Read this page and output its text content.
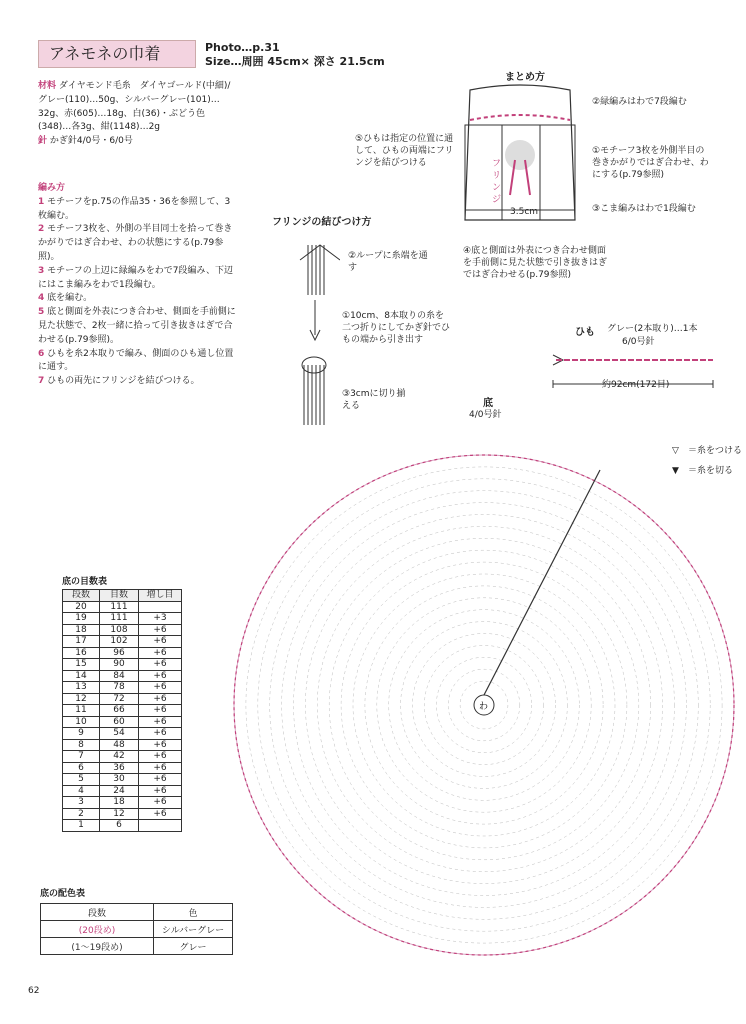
アネモネの巾着	Photo…p.31
Size…周囲 45cm× 深さ 21.5cm
材料 ダイヤモンド毛糸　ダイヤゴールド(中細)/グレー(110)…50g、シルバーグレー(101)…32g、赤(605)…18g、白(36)・ぶどう色(348)…各3g、紺(1148)…2g
針 かぎ針4/0号・6/0号
編み方
1 モチーフをp.75の作品35・36を参照して、3枚編む。
2 モチーフ3枚を、外側の半目同士を拾って巻きかがりではぎ合わせ、わの状態にする(p.79参照)。
3 モチーフの上辺に緑編みをわで7段編み、下辺にはこま編みをわで1段編む。
4 底を編む。
5 底と側面を外表につき合わせ、側面を手前側に見た状態で、2枚一緒に拾って引き抜きはぎで合わせる(p.79参照)。
6 ひもを糸2本取りで編み、側面のひも通し位置に通す。
7 ひもの両先にフリンジを結びつける。
まとめ方
②緑編みはわで7段編む
⑤ひもは指定の位置に通して、ひもの両端にフリンジを結びつける
①モチーフ3枚を外側半目の巻きかがりではぎ合わせ、わにする(p.79参照)
③こま編みはわで1段編む
④底と側面は外表につき合わせ側面を手前側に見た状態で引き抜きはぎではぎ合わせる(p.79参照)
フリンジ
3.5cm
フリンジの結びつけ方
②ループに糸端を通す
①10cm、8本取りの糸を二つ折りにしてかぎ針でひもの端から引き出す
③3cmに切り揃える
ひも グレー(2本取り)…1本
6/0号針
約92cm(172目)
底
4/0号針
▽ ＝糸をつける
▼ ＝糸を切る
わ
底の目数表
段数	目数	増し目
20	111	
19	111	+3
18	108	+6
17	102	+6
16	96	+6
15	90	+6
14	84	+6
13	78	+6
12	72	+6
11	66	+6
10	60	+6
9	54	+6
8	48	+6
7	42	+6
6	36	+6
5	30	+6
4	24	+6
3	18	+6
2	12	+6
1	6	
底の配色表
段数	色
(20段め)	シルバーグレー
(1〜19段め)	グレー
62
